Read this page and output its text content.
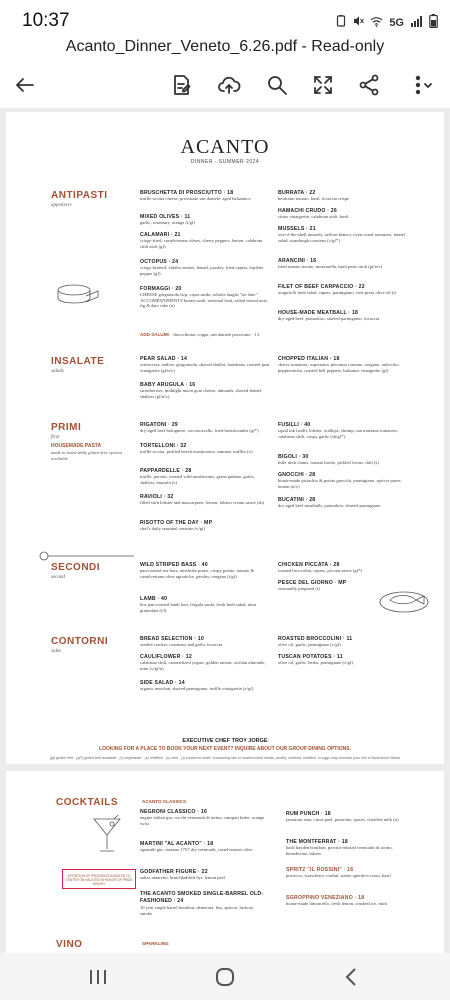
10:37	5G
Acanto_Dinner_Veneto_6.26.pdf - Read-only
ACANTO
DINNER · SUMMER 2024
ANTIPASTI
appetizers
BRUSCHETTA DI PROSCIUTTO · 18
truffle ricotta cheese, prosciutto san daniele, aged balsamico
MIXED OLIVES · 11
garlic, rosemary, orange (t/gf)
CALAMARI · 21
crispy-fried, castelvetrano olives, cherry peppers, lemon, calabrian chili aioli (gf)
OCTOPUS · 24
crispy-braised, vidalia onions, fennel, parsley, fried capers, esplette pepper (gf)
FORMAGGI · 20
CHEESE gorgonzola twp, capra sarda, robiola laughs "tre latte" ACCOMPANIMENTS honeycomb, seasonal fruit, salted mixed nuts, fig & date cake (n)
ADD SALUMI finocchiona, coppa, san daniele prosciutto · 13
BURRATA · 22
heirloom tomato, basil, focaccia crispe
HAMACHI CRUDO · 26
citrus vinaigrette, calabrian aioli, basil
MUSSELS · 21
out-of-the-shell mussels, saffron bianco, oven cured tomatoes, fennel salad, sourdough croutons (c/gf*)
ARANCINI · 16
fried tomato risotto, mozzarella, basil pesto aioli (gf/n/v)
FILET OF BEEF CARPACCIO · 22
arugula & herb salad, capers, parmigiano, first-press olive oil (t)
HOUSE-MADE MEATBALL · 18
dry-aged beef, pomodoro, shaved parmigiano, focaccia
INSALATE
salads
PEAR SALAD · 14
watercress, endive, gorgonzola, shaved shallot, hazelnuts, roasted pear vinaigrette (gf/n/v)
BABY ARUGULA · 16
strawberries, midnight moon goat cheese, almonds, shaved fennel, shallots (gf/n/v)
CHOPPED ITALIAN · 18
cherry tomatoes, sopressata, pecorino romano, oregano, radicchio, pepperoncini, roasted bell peppers, balsamic vinaigrette (gf)
PRIMI
first
HOUSEMADE PASTA
made in house daily gluten-free options available
RIGATONI · 29
dry-aged beef bolognese, cacciocavallo, fried breadcrumbs (gf*)
TORTELLONI · 32
truffle ricotta, pickled beech mushrooms, summer truffles (v)
PAPPARDELLE · 28
truffle, porcini, roasted wild mushrooms, grana padano, garlic, shallots, marsala (v)
RAVIOLI · 32
filled with lobster and mascarpone, lemon, lobster cream sauce (sh)
RISOTTO OF THE DAY · MP
chef's daily seasonal creation (v/gf)
FUSILLI · 40
squid ink fusilli, lobster, scallops, shrimp, san marzano tomatoes, calabrian chili, crispy garlic (sh/gf*)
BIGOLI · 30
little neck clams, tomato brodo, pickled fresno chili (s)
GNOCCHI · 28
house-made pistachio & potato gnocchi, parmigiano, apricot puree, lemon (n/v)
BUCATINI · 28
dry-aged beef meatballs, pomodoro, shaved parmigiano
SECONDI
second
WILD STRIPED BASS · 40
pan-roasted sea bass, artichoke puree, crispy potato, tomato & castelvetrano olive agrodolce, parsley, oregano (t/gf)
LAMB · 40
6oz pan-roasted lamb loin, fregula sarda, fresh herb salad, mint gremolata (t/l)
CHICKEN PICCATA · 28
roasted broccolini, capers, piccata sauce (gf*)
PESCE DEL GIORNO · MP
seasonally prepared (t)
CONTORNI
sides
BREAD SELECTION · 10
seeded cracker, rosemary and garlic focaccia
CAULIFLOWER · 12
calabrian chili, caramelized yogurt, golden raisins, sicilian almonds, mint (v/gf/n)
SIDE SALAD · 14
organic mesclun, shaved parmigiano, truffle vinaigrette (v/gf)
ROASTED BROCCOLINI · 11
olive oil, garlic, parmigiano (v/gf)
TUSCAN POTATOES · 11
olive oil, garlic, herbs, parmigiano (v/gf)
EXECUTIVE CHEF TROY JORGE
LOOKING FOR A PLACE TO BOOK YOUR NEXT EVENT? INQUIRE ABOUT OUR GROUP DINING OPTIONS.
(gf) gluten free · (gf*) gluten free available · (v) vegetarian · (s) shellfish · (n) nuts · (t) cooked to order; consuming raw or undercooked meats, poultry, seafood, shellfish, or eggs may increase your risk of food-borne illness
COCKTAILS	ACANTO CLASSICS
A PORTION OF PROCEEDS DONATED TO CENTER ON HALSTED IN HONOR OF PRIDE MONTH
NEGRONI CLASSICO · 16
engine italian gin, cocchi vermouth di torino, campari bitter, orange twist
MARTINI "AL ACANTO" · 18
sipsmith gin, cinzano 1757 dry vermouth, castelvetrano olive
GODFATHER FIGURE · 22
saliza amaretto, bruichladdich 6yr, lemon peel
THE ACANTO SMOKED SINGLE-BARREL OLD-FASHIONED · 24
10 year single barrel bourbon, demerara, bay, apricot, hickory smoke
RUM PUNCH · 18
jamaican rum, citrus peel, pistachio, spices, clarified milk (n)
THE MONTFERRAT · 18
basil hayden bourbon, porcini-infused vermouth di torino, benedictine, bitters
SPRITZ "IL ROSSINI" · 16
prosecco, strawberry cordial, sirene aperitivo rosso, basil
SGROPPINO VENEZIANO · 18
house-made limoncello, fresh lemon, crushed ice, mint
VINO	SPARKLING
